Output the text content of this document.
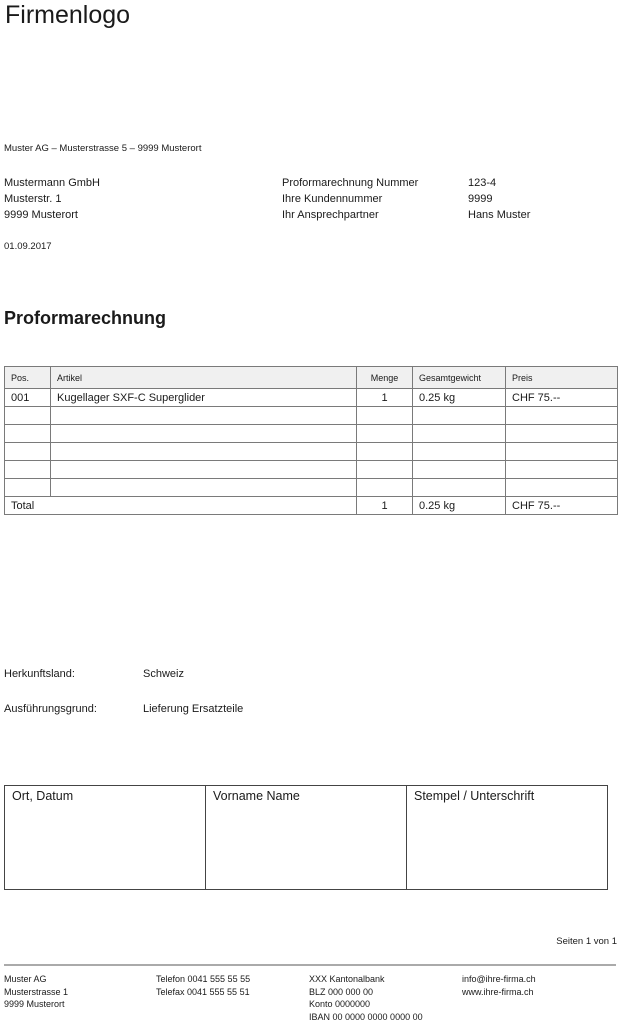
Firmenlogo
Muster AG – Musterstrasse 5 – 9999 Musterort
Mustermann GmbH
Musterstr. 1
9999 Musterort
Proformarechnung Nummer	123-4
Ihre Kundennummer	9999
Ihr Ansprechpartner	Hans Muster
01.09.2017
Proformarechnung
Pos.	Artikel	Menge	Gesamtgewicht	Preis
001	Kugellager SXF-C Superglider	1	0.25 kg	CHF 75.--

Total		1	0.25 kg	CHF 75.--
Herkunftsland:	Schweiz
Ausführungsgrund:	Lieferung Ersatzteile
Ort, Datum	Vorname Name	Stempel / Unterschrift
Seiten 1 von 1
Muster AG
Musterstrasse 1
9999 Musterort
Telefon 0041 555 55 55
Telefax 0041 555 55 51
XXX Kantonalbank
BLZ 000 000 00
Konto 0000000
IBAN 00 0000 0000 0000 00
info@ihre-firma.ch
www.ihre-firma.ch
